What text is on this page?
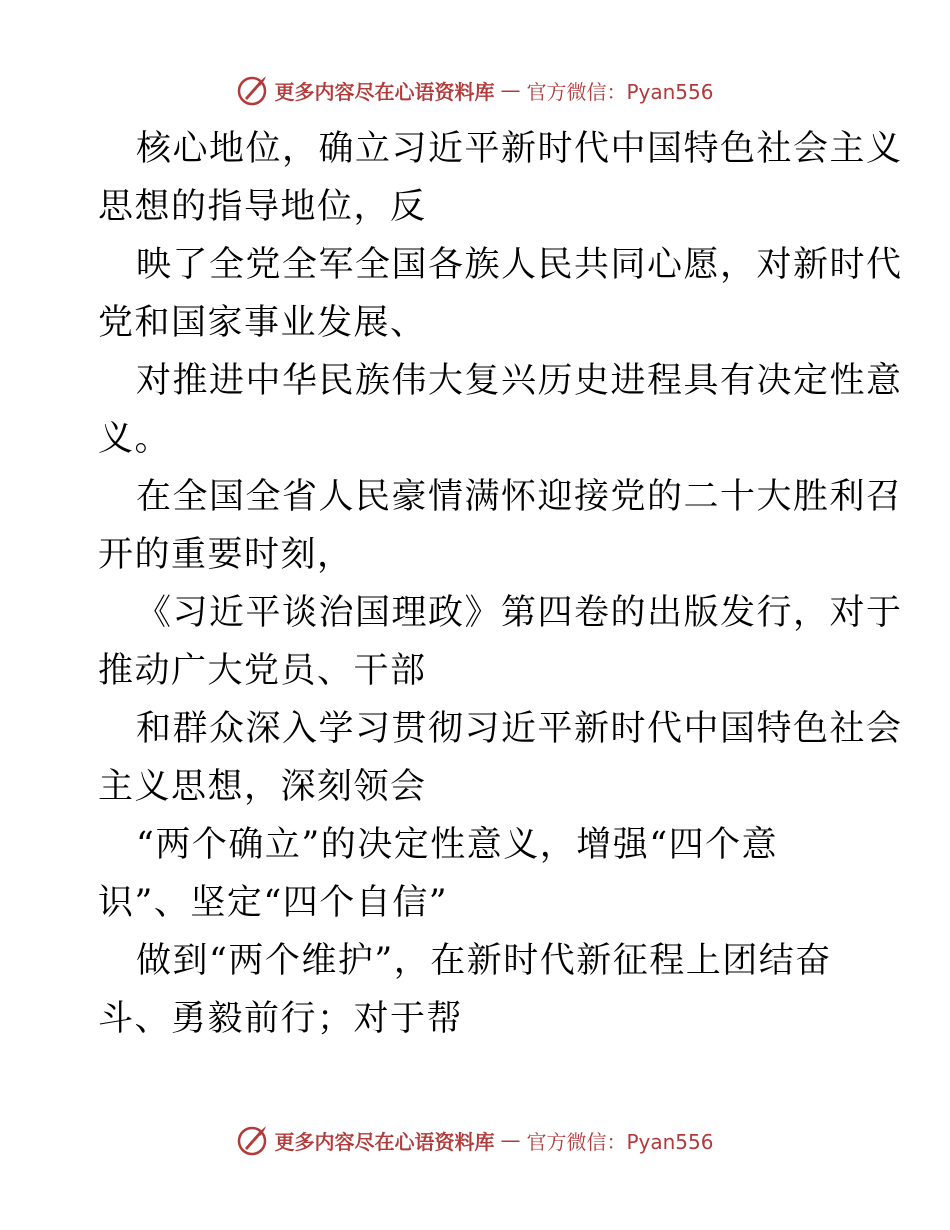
更多内容尽在心语资料库 — 官方微信：Pyan556
核心地位，确立习近平新时代中国特色社会主义
思想的指导地位，反
映了全党全军全国各族人民共同心愿，对新时代
党和国家事业发展、
对推进中华民族伟大复兴历史进程具有决定性意
义。
在全国全省人民豪情满怀迎接党的二十大胜利召
开的重要时刻，
《习近平谈治国理政》第四卷的出版发行，对于
推动广大党员、干部
和群众深入学习贯彻习近平新时代中国特色社会
主义思想，深刻领会
“两个确立”的决定性意义，增强“四个意
识”、坚定“四个自信”
做到“两个维护”，在新时代新征程上团结奋
斗、勇毅前行；对于帮
更多内容尽在心语资料库 — 官方微信：Pyan556
